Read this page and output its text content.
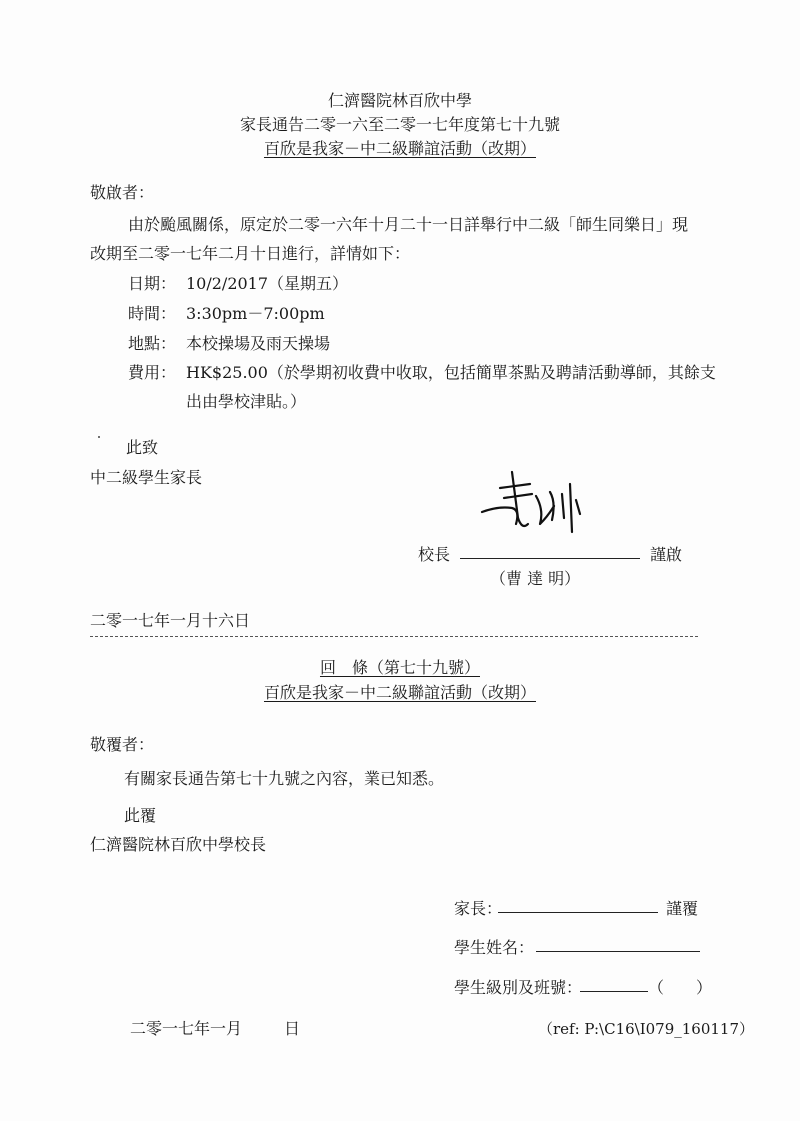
仁濟醫院林百欣中學
家長通告二零一六至二零一七年度第七十九號
百欣是我家－中二級聯誼活動（改期）
敬啟者：
由於颱風關係，原定於二零一六年十月二十一日詳舉行中二級「師生同樂日」現
改期至二零一七年二月十日進行，詳情如下：
日期： 10/2/2017（星期五）
時間： 3:30pm－7:00pm
地點： 本校操場及雨天操場
費用： HK$25.00（於學期初收費中收取，包括簡單茶點及聘請活動導師，其餘支
出由學校津貼。）
此致
中二級學生家長
校長	謹啟
（曹 達 明）
二零一七年一月十六日
回　條（第七十九號）
百欣是我家－中二級聯誼活動（改期）
敬覆者：
有關家長通告第七十九號之內容，業已知悉。
此覆
仁濟醫院林百欣中學校長
家長：	謹覆
學生姓名：
學生級別及班號：	（　　）
二零一七年一月	日	（ref: P:\C16\I079_160117）
